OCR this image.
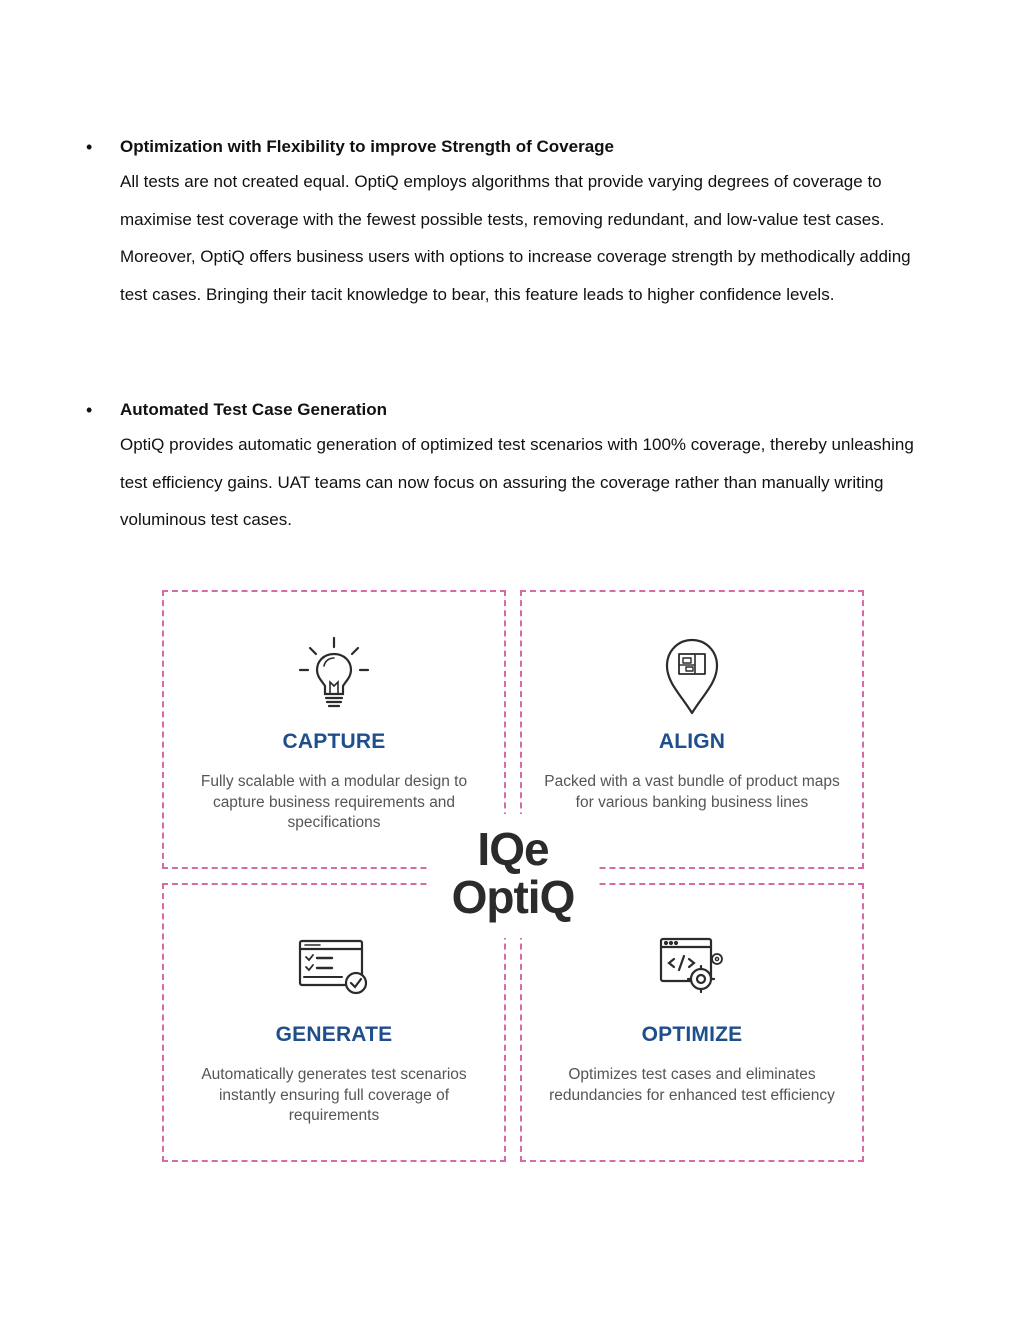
• Optimization with Flexibility to improve Strength of Coverage

All tests are not created equal. OptiQ employs algorithms that provide varying degrees of coverage to maximise test coverage with the fewest possible tests, removing redundant, and low-value test cases. Moreover, OptiQ offers business users with options to increase coverage strength by methodically adding test cases. Bringing their tacit knowledge to bear, this feature leads to higher confidence levels.

• Automated Test Case Generation

OptiQ provides automatic generation of optimized test scenarios with 100% coverage, thereby unleashing test efficiency gains. UAT teams can now focus on assuring the coverage rather than manually writing voluminous test cases.

CAPTURE
Fully scalable with a modular design to capture business requirements and specifications
ALIGN
Packed with a vast bundle of product maps for various banking business lines
GENERATE
Automatically generates test scenarios instantly ensuring full coverage of requirements
OPTIMIZE
Optimizes test cases and eliminates redundancies for enhanced test efficiency
IQe
OptiQ
